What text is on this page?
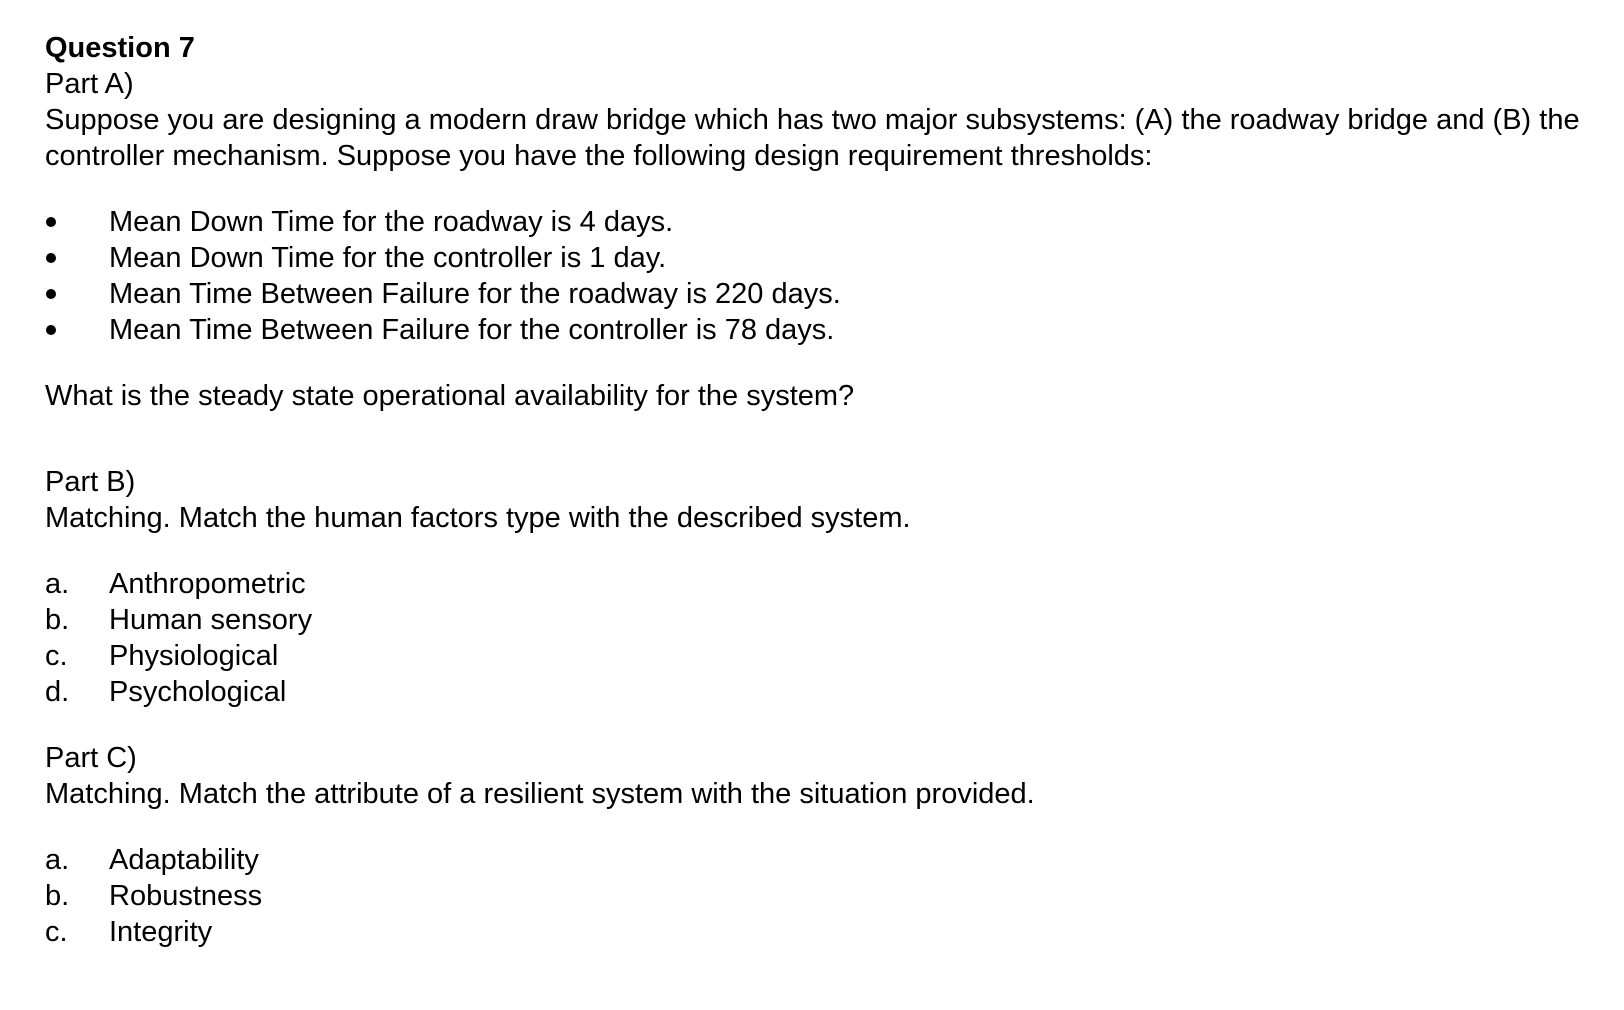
Question 7

Part A)

Suppose you are designing a modern draw bridge which has two major subsystems: (A) the roadway bridge and (B) the

controller mechanism. Suppose you have the following design requirement thresholds:

Mean Down Time for the roadway is 4 days.
Mean Down Time for the controller is 1 day.
Mean Time Between Failure for the roadway is 220 days.
Mean Time Between Failure for the controller is 78 days.

What is the steady state operational availability for the system?

Part B)

Matching. Match the human factors type with the described system.

a.	Anthropometric
b.	Human sensory
c.	Physiological
d.	Psychological

Part C)

Matching. Match the attribute of a resilient system with the situation provided.

a.	Adaptability
b.	Robustness
c.	Integrity
